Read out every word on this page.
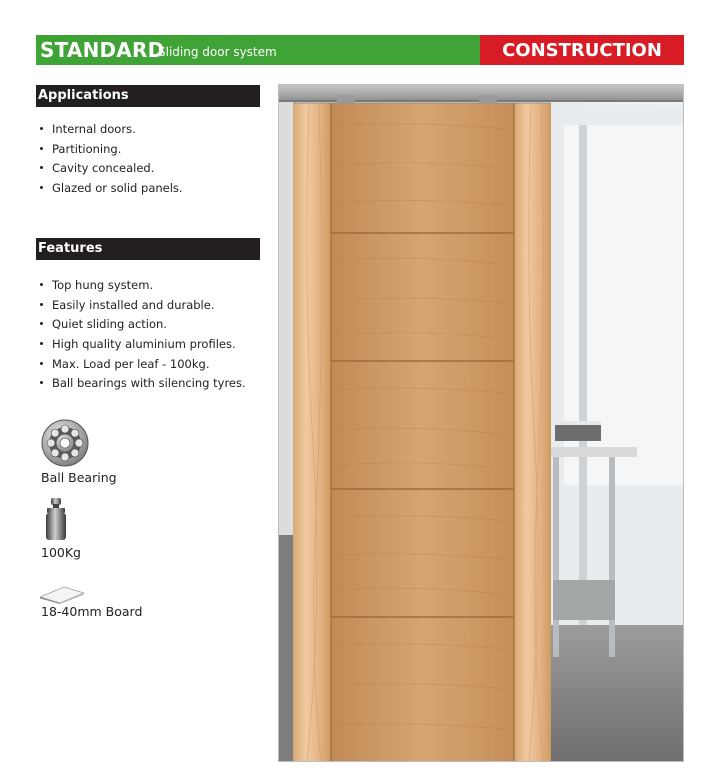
STANDARD
Sliding door system	CONSTRUCTION
Applications
Internal doors.
Partitioning.
Cavity concealed.
Glazed or solid panels.
Features
Top hung system.
Easily installed and durable.
Quiet sliding action.
High quality aluminium profiles.
Max. Load per leaf - 100kg.
Ball bearings with silencing tyres.
Ball Bearing
100Kg
18-40mm Board
